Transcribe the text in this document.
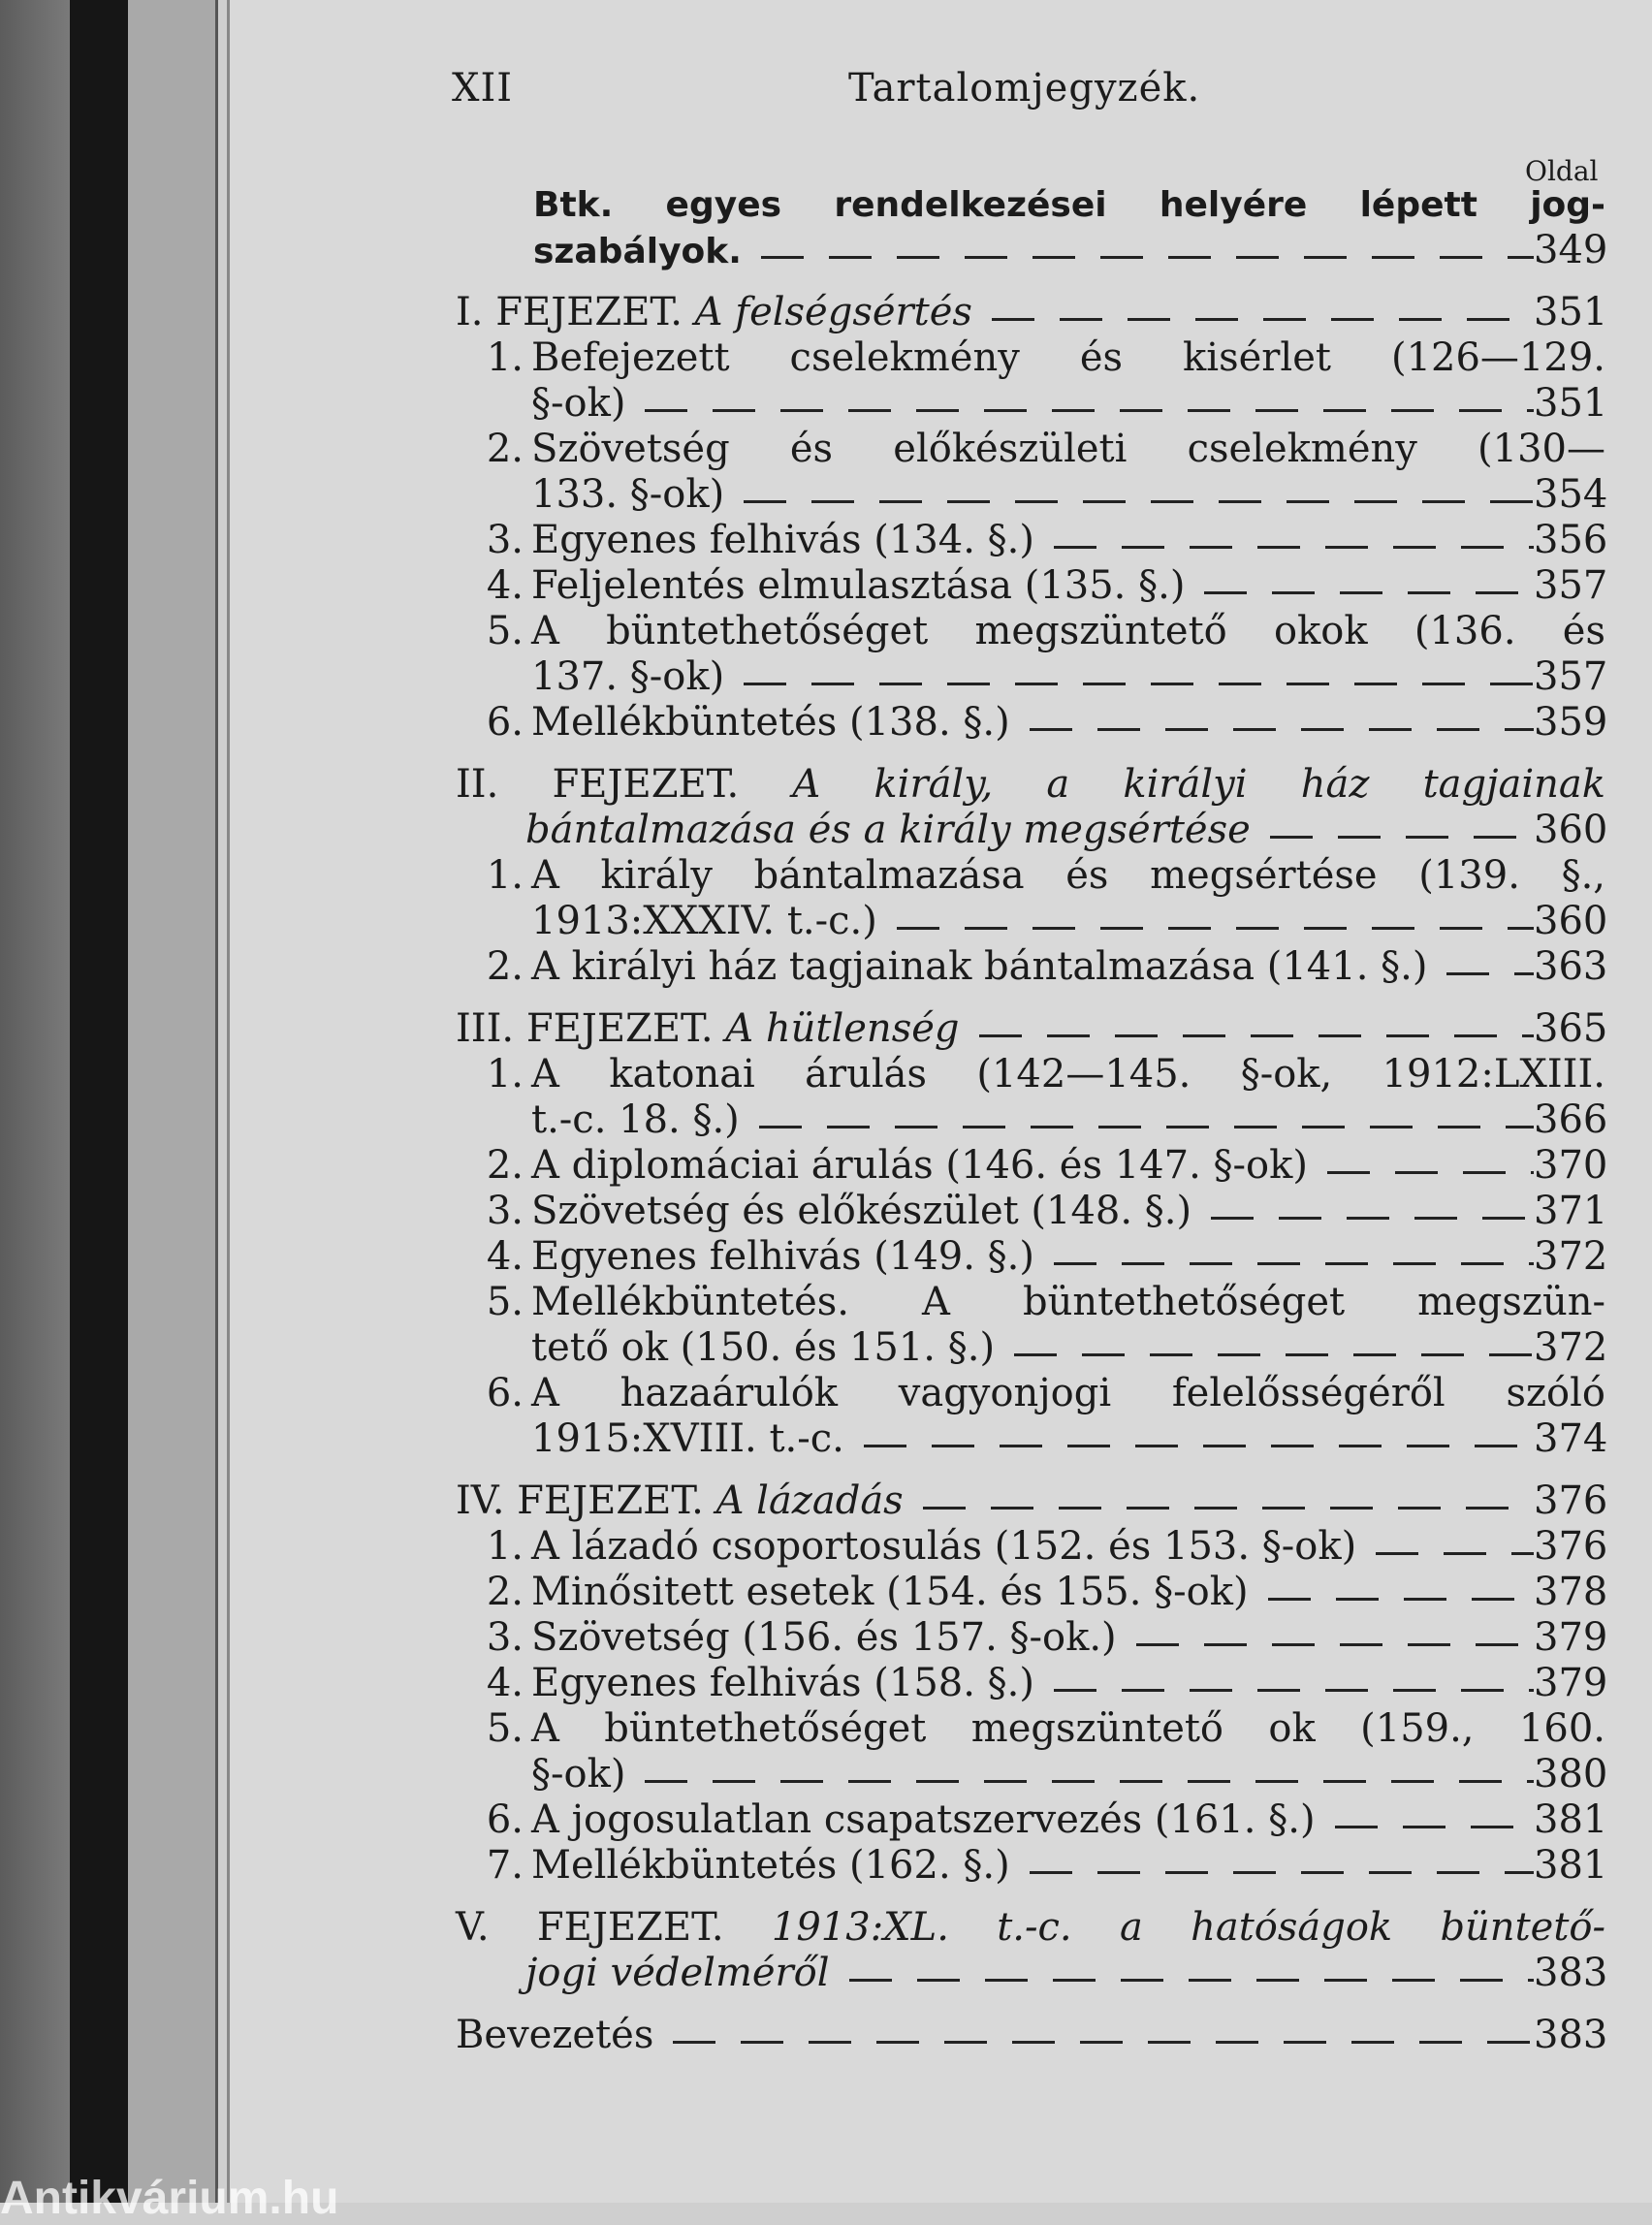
XII	Tartalomjegyzék.
Oldal
Btk. egyes rendelkezései helyére lépett jog-
szabályok.	349
I. FEJEZET. A felségsértés	351
1. Befejezett cselekmény és kisérlet (126—129.
§-ok)	351
2. Szövetség és előkészületi cselekmény (130—
133. §-ok)	354
3. Egyenes felhivás (134. §.)	356
4. Feljelentés elmulasztása (135. §.)	357
5. A büntethetőséget megszüntető okok (136. és
137. §-ok)	357
6. Mellékbüntetés (138. §.)	359
II. FEJEZET. A király, a királyi ház tagjainak
bántalmazása és a király megsértése	360
1. A király bántalmazása és megsértése (139. §.,
1913:XXXIV. t.-c.)	360
2. A királyi ház tagjainak bántalmazása (141. §.)	363
III. FEJEZET. A hütlenség	365
1. A katonai árulás (142—145. §-ok, 1912:LXIII.
t.-c. 18. §.)	366
2. A diplomáciai árulás (146. és 147. §-ok)	370
3. Szövetség és előkészület (148. §.)	371
4. Egyenes felhivás (149. §.)	372
5. Mellékbüntetés. A büntethetőséget megszün-
tető ok (150. és 151. §.)	372
6. A hazaárulók vagyonjogi felelősségéről szóló
1915:XVIII. t.-c.	374
IV. FEJEZET. A lázadás	376
1. A lázadó csoportosulás (152. és 153. §-ok)	376
2. Minősitett esetek (154. és 155. §-ok)	378
3. Szövetség (156. és 157. §-ok.)	379
4. Egyenes felhivás (158. §.)	379
5. A büntethetőséget megszüntető ok (159., 160.
§-ok)	380
6. A jogosulatlan csapatszervezés (161. §.)	381
7. Mellékbüntetés (162. §.)	381
V. FEJEZET. 1913:XL. t.-c. a hatóságok büntető-
jogi védelméről	383
Bevezetés	383
Antikvárium.hu
